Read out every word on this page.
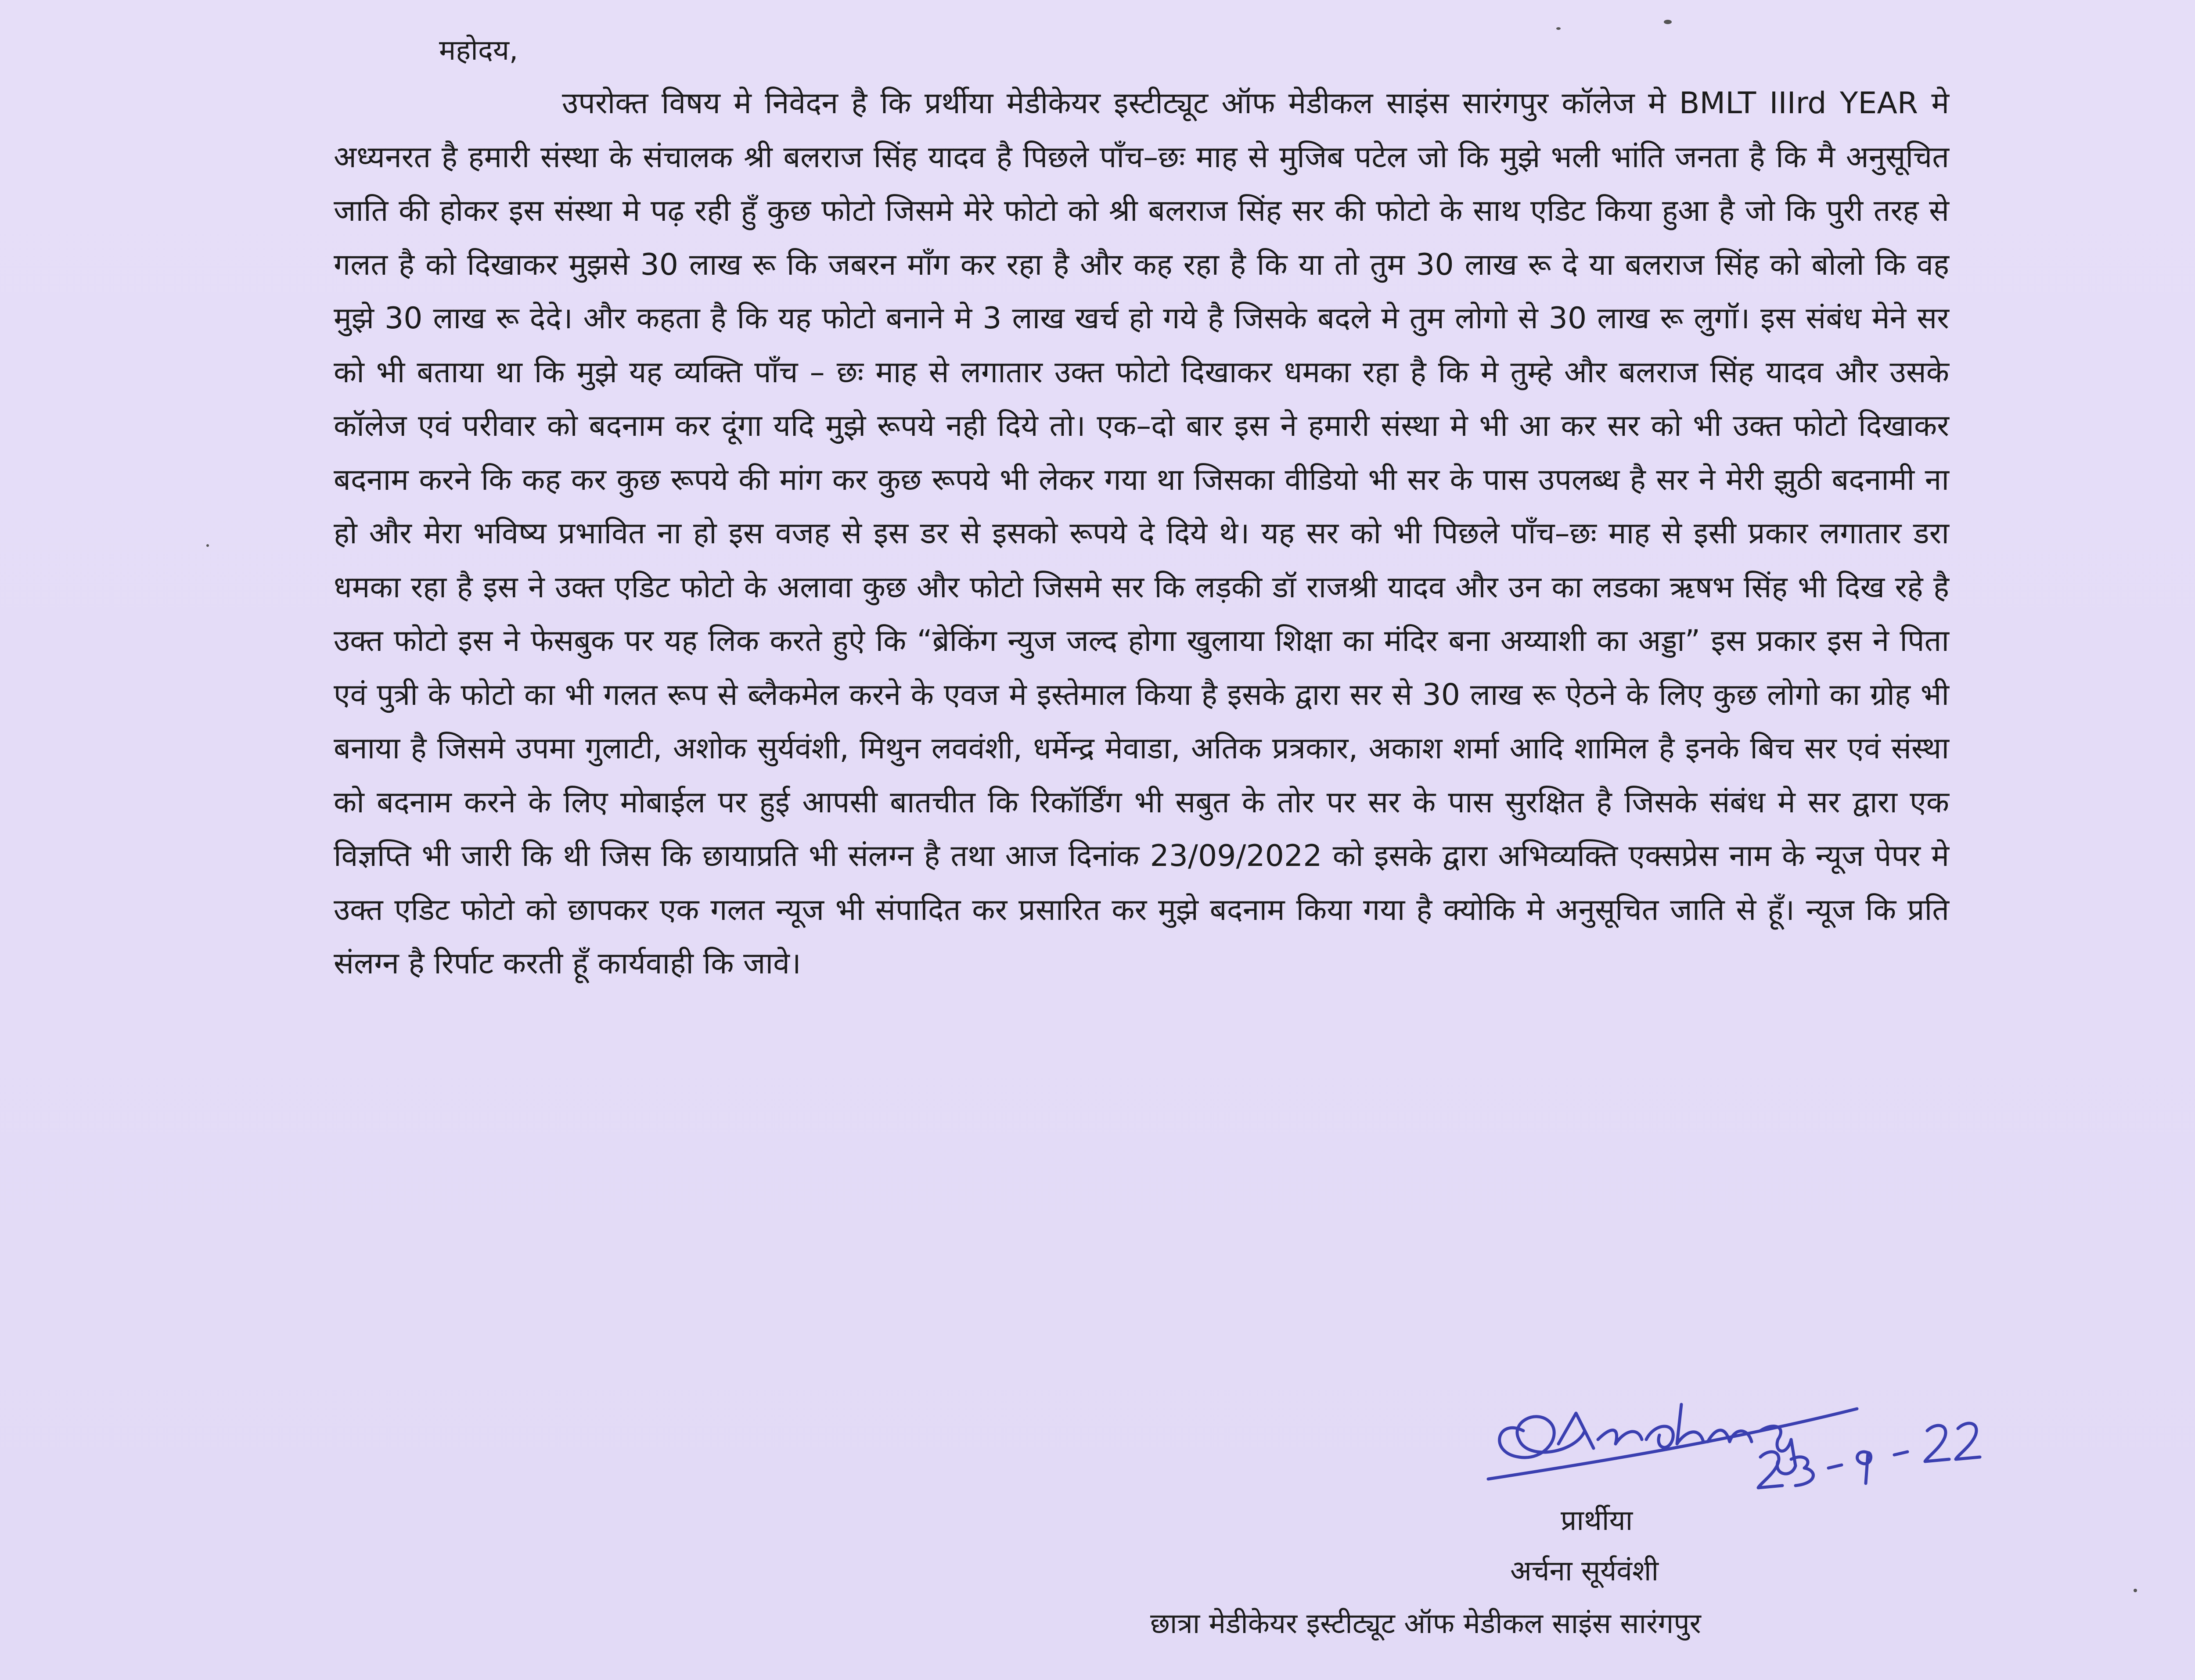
महोदय,

उपरोक्त विषय मे निवेदन है कि प्रर्थीया मेडीकेयर इस्टीट्यूट ऑफ मेडीकल साइंस सारंगपुर कॉलेज मे BMLT IIIrd YEAR मे अध्यनरत है हमारी संस्था के संचालक श्री बलराज सिंह यादव है पिछले पाँच–छः माह से मुजिब पटेल जो कि मुझे भली भांति जनता है कि मै अनुसूचित जाति की होकर इस संस्था मे पढ़ रही हुँ कुछ फोटो जिसमे मेरे फोटो को श्री बलराज सिंह सर की फोटो के साथ एडिट किया हुआ है जो कि पुरी तरह से गलत है को दिखाकर मुझसे 30 लाख रू कि जबरन माँग कर रहा है और कह रहा है कि या तो तुम 30 लाख रू दे या बलराज सिंह को बोलो कि वह मुझे 30 लाख रू देदे। और कहता है कि यह फोटो बनाने मे 3 लाख खर्च हो गये है जिसके बदले मे तुम लोगो से 30 लाख रू लुगॉ। इस संबंध मेने सर को भी बताया था कि मुझे यह व्यक्ति पाँच – छः माह से लगातार उक्त फोटो दिखाकर धमका रहा है कि मे तुम्हे और बलराज सिंह यादव और उसके कॉलेज एवं परीवार को बदनाम कर दूंगा यदि मुझे रूपये नही दिये तो। एक–दो बार इस ने हमारी संस्था मे भी आ कर सर को भी उक्त फोटो दिखाकर बदनाम करने कि कह कर कुछ रूपये की मांग कर कुछ रूपये भी लेकर गया था जिसका वीडियो भी सर के पास उपलब्ध है सर ने मेरी झुठी बदनामी ना हो और मेरा भविष्य प्रभावित ना हो इस वजह से इस डर से इसको रूपये दे दिये थे। यह सर को भी पिछले पाँच–छः माह से इसी प्रकार लगातार डरा धमका रहा है इस ने उक्त एडिट फोटो के अलावा कुछ और फोटो जिसमे सर कि लड़की डॉ राजश्री यादव और उन का लडका ऋषभ सिंह भी दिख रहे है उक्त फोटो इस ने फेसबुक पर यह लिक करते हुऐ कि “ब्रेकिंग न्युज जल्द होगा खुलाया शिक्षा का मंदिर बना अय्याशी का अड्डा” इस प्रकार इस ने पिता एवं पुत्री के फोटो का भी गलत रूप से ब्लैकमेल करने के एवज मे इस्तेमाल किया है इसके द्वारा सर से 30 लाख रू ऐठने के लिए कुछ लोगो का ग्रोह भी बनाया है जिसमे उपमा गुलाटी, अशोक सुर्यवंशी, मिथुन लववंशी, धर्मेन्द्र मेवाडा, अतिक प्रत्रकार, अकाश शर्मा आदि शामिल है इनके बिच सर एवं संस्था को बदनाम करने के लिए मोबाईल पर हुई आपसी बातचीत कि रिकॉर्डिंग भी सबुत के तोर पर सर के पास सुरक्षित है जिसके संबंध मे सर द्वारा एक विज्ञप्ति भी जारी कि थी जिस कि छायाप्रति भी संलग्न है तथा आज दिनांक 23/09/2022 को इसके द्वारा अभिव्यक्ति एक्सप्रेस नाम के न्यूज पेपर मे उक्त एडिट फोटो को छापकर एक गलत न्यूज भी संपादित कर प्रसारित कर मुझे बदनाम किया गया है क्योकि मे अनुसूचित जाति से हूँ। न्यूज कि प्रति संलग्न है रिर्पाट करती हूँ कार्यवाही कि जावे।

प्रार्थीया

अर्चना सूर्यवंशी

छात्रा मेडीकेयर इस्टीट्यूट ऑफ मेडीकल साइंस सारंगपुर
